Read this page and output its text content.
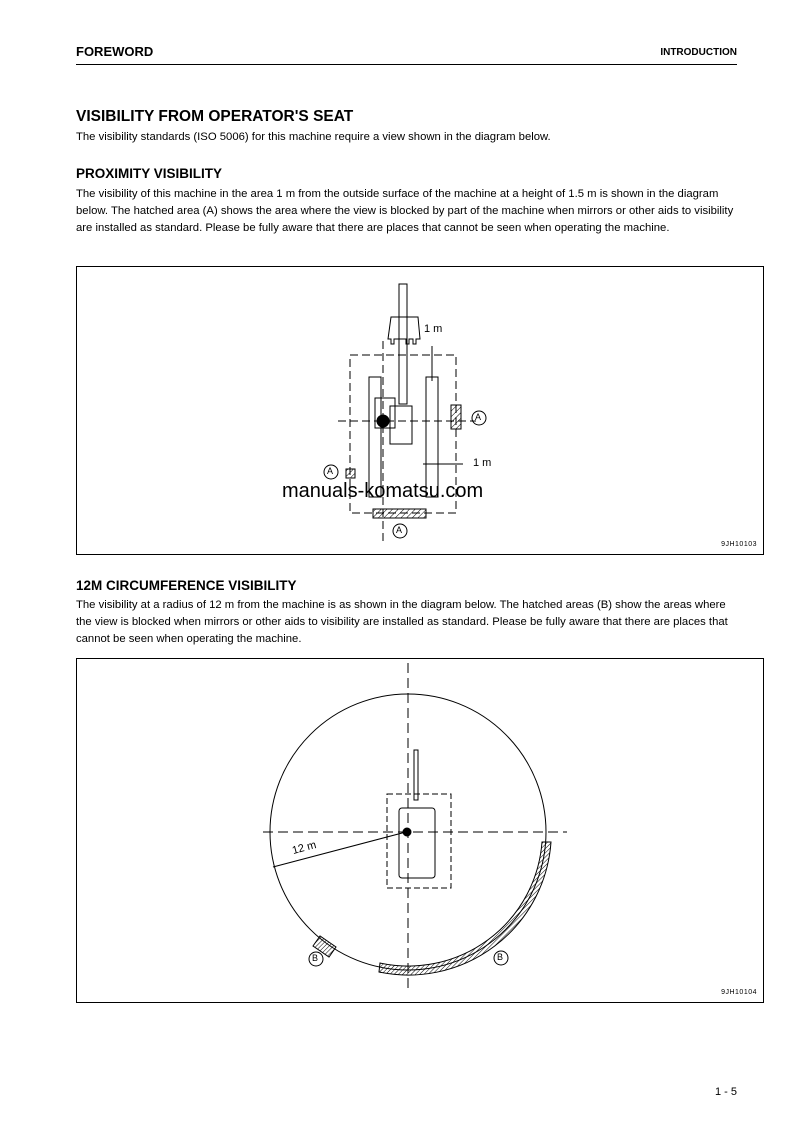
FOREWORD	INTRODUCTION
VISIBILITY FROM OPERATOR'S SEAT

The visibility standards (ISO 5006) for this machine require a view shown in the diagram below.

PROXIMITY VISIBILITY

The visibility of this machine in the area 1 m from the outside surface of the machine at a height of 1.5 m is shown in the diagram below. The hatched area (A) shows the area where the view is blocked by part of the machine when mirrors or other aids to visibility are installed as standard. Please be fully aware that there are places that cannot be seen when operating the machine.

1 m
1 m
A
A
A
9JH10103
12M CIRCUMFERENCE VISIBILITY

The visibility at a radius of 12 m from the machine is as shown in the diagram below. The hatched areas (B) show the areas where the view is blocked when mirrors or other aids to visibility are installed as standard. Please be fully aware that there are places that cannot be seen when operating the machine.

12 m
B	B
9JH10104
manuals-komatsu.com
1 - 5
